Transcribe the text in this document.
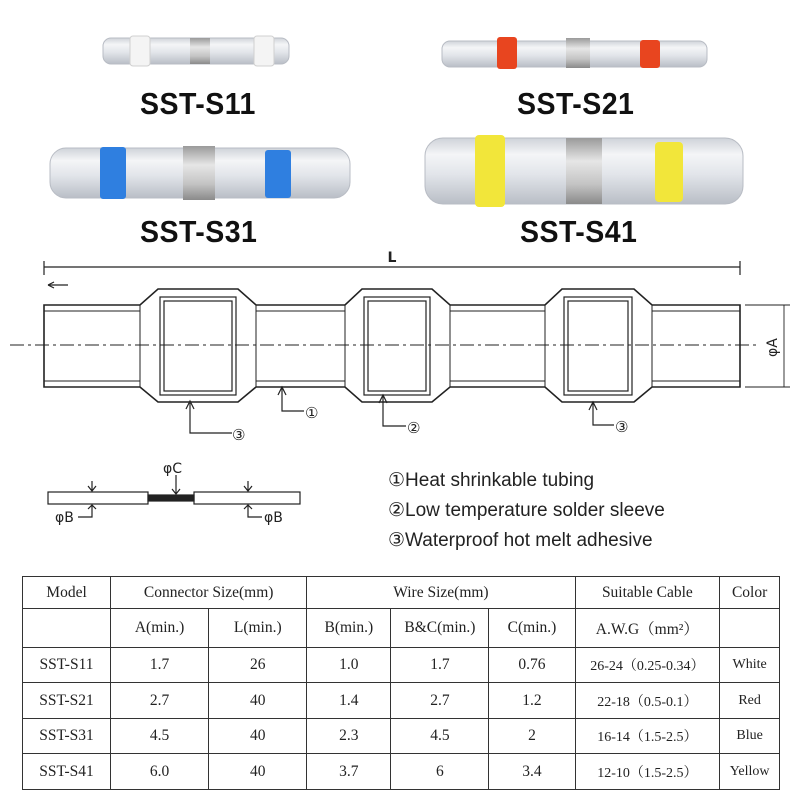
SST-S11	SST-S21
SST-S31	SST-S41
L
φA
③
①
②	③
φC
φB	φB
①Heat shrinkable tubing
②Low temperature solder sleeve
③Waterproof hot melt adhesive
Model	Connector Size(mm)		Wire Size(mm)			Suitable Cable	Color
	A(min.)	L(min.)	B(min.)	B&C(min.)	C(min.)	A.W.G（mm²）	
SST-S11	1.7	26	1.0	1.7	0.76	26-24（0.25-0.34）	White
SST-S21	2.7	40	1.4	2.7	1.2	22-18（0.5-0.1）	Red
SST-S31	4.5	40	2.3	4.5	2	16-14（1.5-2.5）	Blue
SST-S41	6.0	40	3.7	6	3.4	12-10（1.5-2.5）	Yellow
